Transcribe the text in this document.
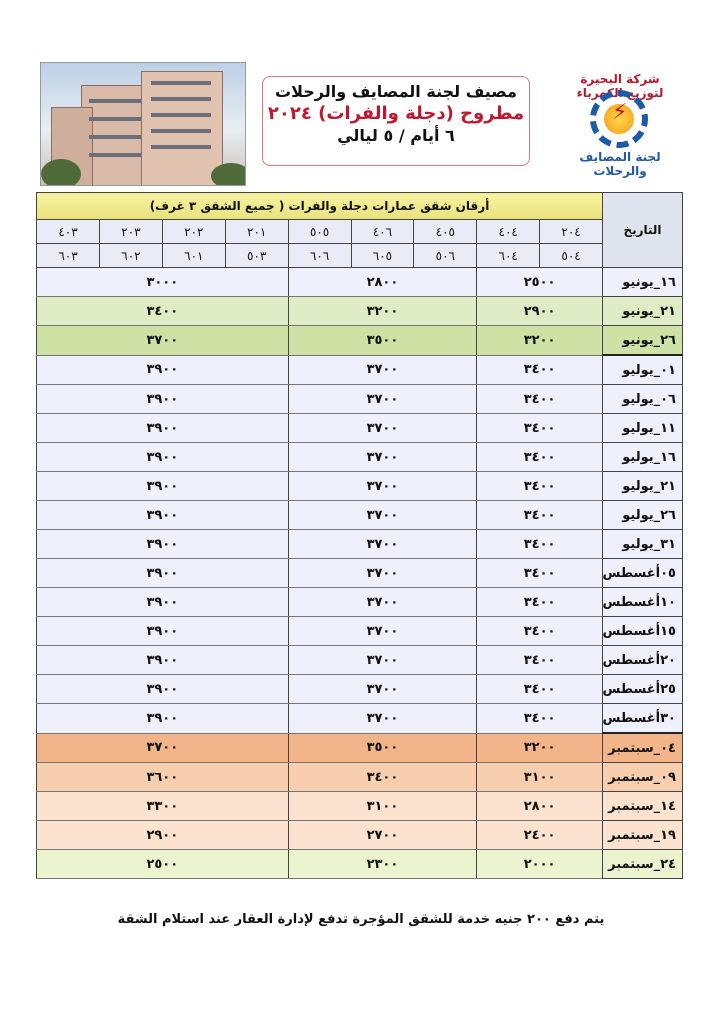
مصيف لجنة المصايف والرحلات
مطروح (دجلة والفرات) ٢٠٢٤
٦ أيام / ٥ ليالي
شركة البحيرة لتوزيع الكهرباء
⚡
لجنة المصايف والرحلات
التاريخ	أرقان شقق عمارات دجلة والفرات ( جميع الشقق ٣ غرف)								
	٢٠٤	٤٠٤	٤٠٥	٤٠٦	٥٠٥	٢٠١	٢٠٢	٢٠٣	٤٠٣
	٥٠٤	٦٠٤	٥٠٦	٦٠٥	٦٠٦	٥٠٣	٦٠١	٦٠٢	٦٠٣
١٦_يونيو	٢٥٠٠		٢٨٠٠			٣٠٠٠			
٢١_يونيو	٢٩٠٠		٣٢٠٠			٣٤٠٠			
٢٦_يونيو	٣٢٠٠		٣٥٠٠			٣٧٠٠			
٠١_يوليو	٣٤٠٠		٣٧٠٠			٣٩٠٠			
٠٦_يوليو	٣٤٠٠		٣٧٠٠			٣٩٠٠			
١١_يوليو	٣٤٠٠		٣٧٠٠			٣٩٠٠			
١٦_يوليو	٣٤٠٠		٣٧٠٠			٣٩٠٠			
٢١_يوليو	٣٤٠٠		٣٧٠٠			٣٩٠٠			
٢٦_يوليو	٣٤٠٠		٣٧٠٠			٣٩٠٠			
٣١_يوليو	٣٤٠٠		٣٧٠٠			٣٩٠٠			
٠٥أغسطس	٣٤٠٠		٣٧٠٠			٣٩٠٠			
١٠أغسطس	٣٤٠٠		٣٧٠٠			٣٩٠٠			
١٥أغسطس	٣٤٠٠		٣٧٠٠			٣٩٠٠			
٢٠أغسطس	٣٤٠٠		٣٧٠٠			٣٩٠٠			
٢٥أغسطس	٣٤٠٠		٣٧٠٠			٣٩٠٠			
٣٠أغسطس	٣٤٠٠		٣٧٠٠			٣٩٠٠			
٠٤_سبتمبر	٣٢٠٠		٣٥٠٠			٣٧٠٠			
٠٩_سبتمبر	٣١٠٠		٣٤٠٠			٣٦٠٠			
١٤_سبتمبر	٢٨٠٠		٣١٠٠			٣٣٠٠			
١٩_سبتمبر	٢٤٠٠		٢٧٠٠			٢٩٠٠			
٢٤_سبتمبر	٢٠٠٠		٢٣٠٠			٢٥٠٠			
يتم دفع ٢٠٠ جنيه خدمة للشقق المؤجرة تدفع لإدارة العقار عند استلام الشقة
